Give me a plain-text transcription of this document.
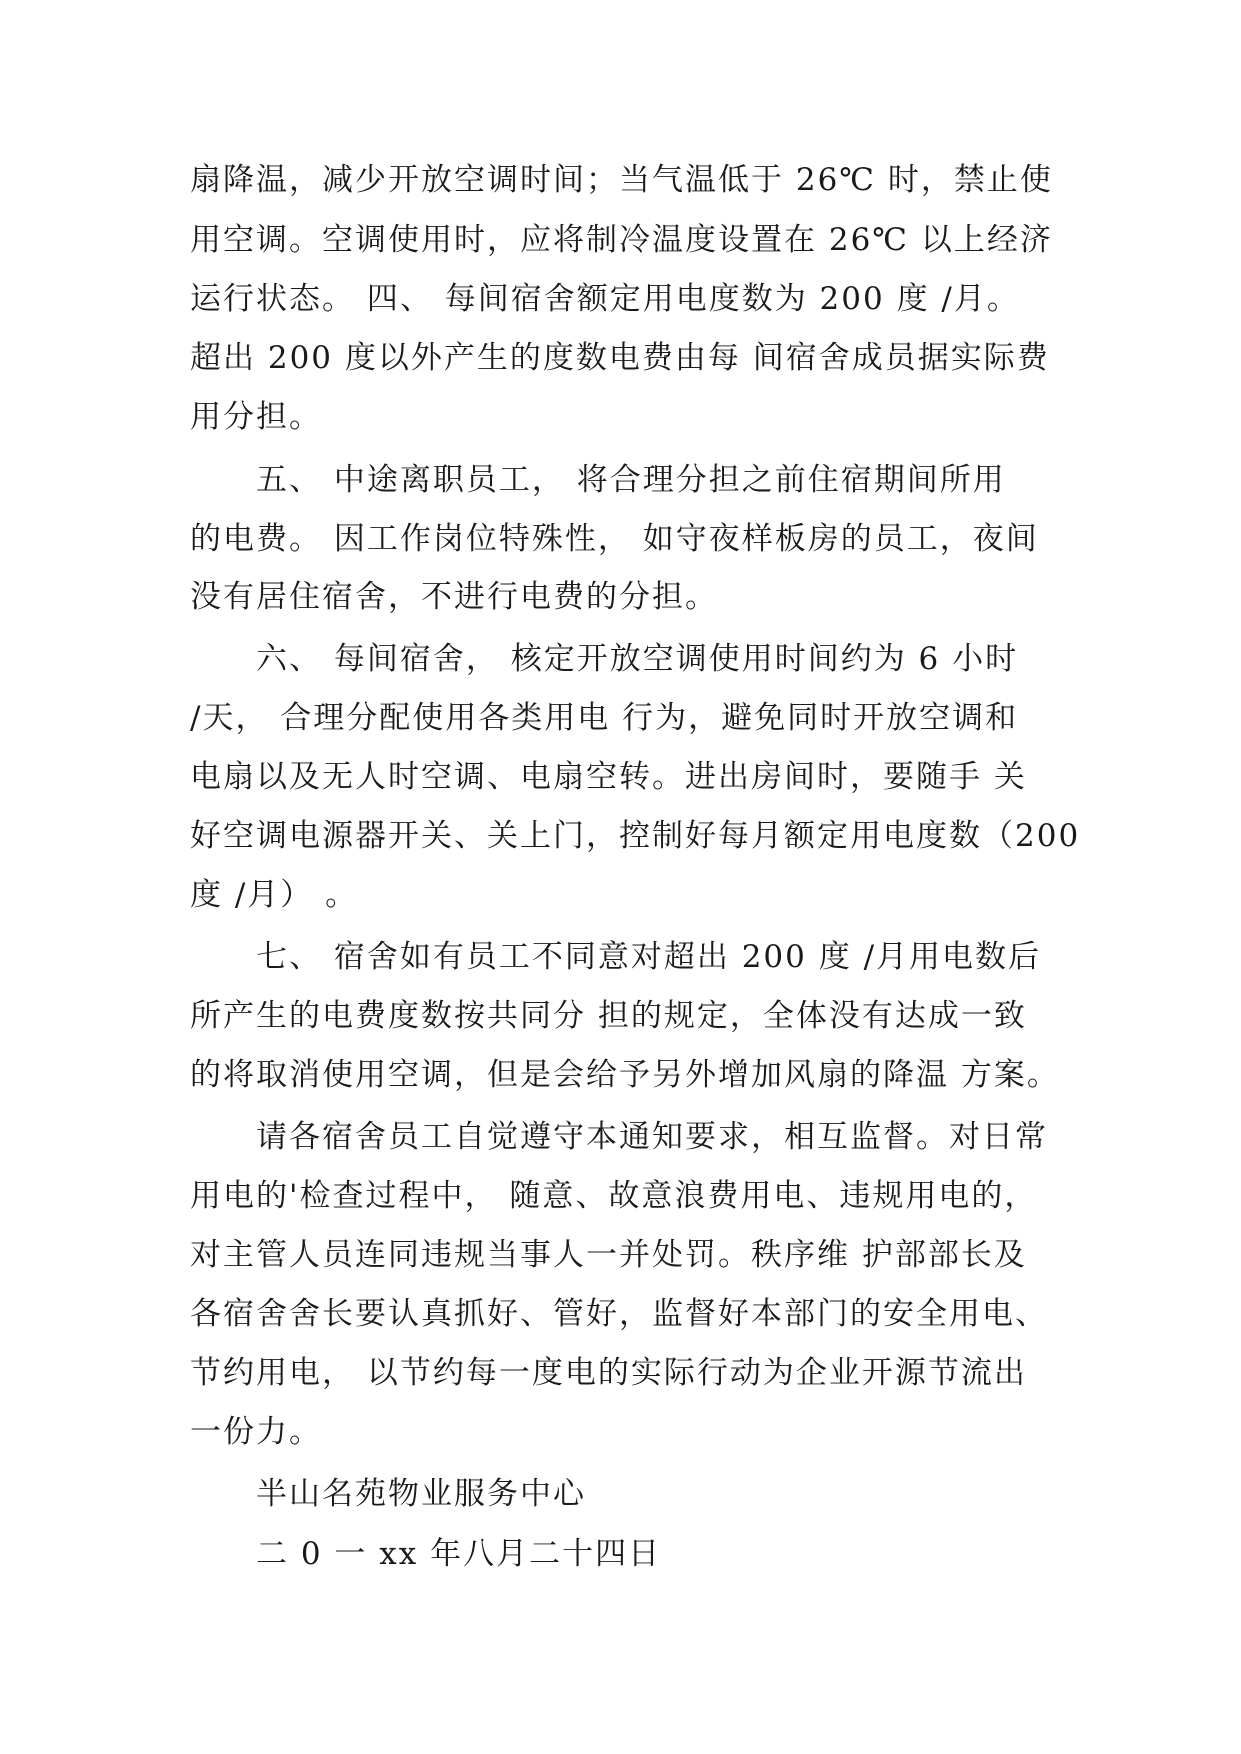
扇降温，减少开放空调时间；当气温低于 26℃ 时，禁止使
用空调。空调使用时，应将制冷温度设置在 26℃ 以上经济
运行状态。 四、 每间宿舍额定用电度数为 200 度 /月。
超出 200 度以外产生的度数电费由每 间宿舍成员据实际费
用分担。
五、 中途离职员工， 将合理分担之前住宿期间所用
的电费。 因工作岗位特殊性， 如守夜样板房的员工，夜间
没有居住宿舍，不进行电费的分担。
六、 每间宿舍， 核定开放空调使用时间约为 6 小时
/天， 合理分配使用各类用电 行为，避免同时开放空调和
电扇以及无人时空调、电扇空转。进出房间时，要随手 关
好空调电源器开关、关上门，控制好每月额定用电度数（200
度 /月） 。
七、 宿舍如有员工不同意对超出 200 度 /月用电数后
所产生的电费度数按共同分 担的规定，全体没有达成一致
的将取消使用空调，但是会给予另外增加风扇的降温 方案。
请各宿舍员工自觉遵守本通知要求，相互监督。对日常
用电的'检查过程中， 随意、故意浪费用电、违规用电的，
对主管人员连同违规当事人一并处罚。秩序维 护部部长及
各宿舍舍长要认真抓好、管好，监督好本部门的安全用电、
节约用电， 以节约每一度电的实际行动为企业开源节流出
一份力。
半山名苑物业服务中心
二 0 一 xx 年八月二十四日
